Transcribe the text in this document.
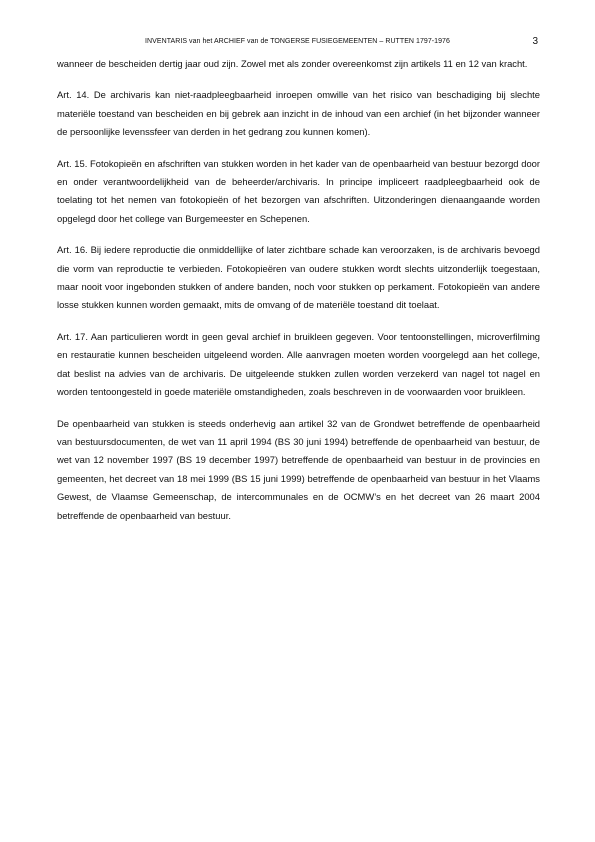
INVENTARIS van het ARCHIEF van de TONGERSE FUSIEGEMEENTEN – RUTTEN 1797-1976	3

wanneer de bescheiden dertig jaar oud zijn. Zowel met als zonder overeenkomst zijn artikels 11 en 12 van kracht.

Art. 14. De archivaris kan niet-raadpleegbaarheid inroepen omwille van het risico van beschadiging bij slechte materiële toestand van bescheiden en bij gebrek aan inzicht in de inhoud van een archief (in het bijzonder wanneer de persoonlijke levenssfeer van derden in het gedrang zou kunnen komen).

Art. 15. Fotokopieën en afschriften van stukken worden in het kader van de openbaarheid van bestuur bezorgd door en onder verantwoordelijkheid van de beheerder/archivaris. In principe impliceert raadpleegbaarheid ook de toelating tot het nemen van fotokopieën of het bezorgen van afschriften. Uitzonderingen dienaangaande worden opgelegd door het college van Burgemeester en Schepenen.

Art. 16. Bij iedere reproductie die onmiddellijke of later zichtbare schade kan veroorzaken, is de archivaris bevoegd die vorm van reproductie te verbieden. Fotokopieëren van oudere stukken wordt slechts uitzonderlijk toegestaan, maar nooit voor ingebonden stukken of andere banden, noch voor stukken op perkament. Fotokopieën van andere losse stukken kunnen worden gemaakt, mits de omvang of de materiële toestand dit toelaat.

Art. 17. Aan particulieren wordt in geen geval archief in bruikleen gegeven. Voor tentoonstellingen, microverfilming en restauratie kunnen bescheiden uitgeleend worden. Alle aanvragen moeten worden voorgelegd aan het college, dat beslist na advies van de archivaris. De uitgeleende stukken zullen worden verzekerd van nagel tot nagel en worden tentoongesteld in goede materiële omstandigheden, zoals beschreven in de voorwaarden voor bruikleen.

De openbaarheid van stukken is steeds onderhevig aan artikel 32 van de Grondwet betreffende de openbaarheid van bestuursdocumenten, de wet van 11 april 1994 (BS 30 juni 1994) betreffende de openbaarheid van bestuur, de wet van 12 november 1997 (BS 19 december 1997) betreffende de openbaarheid van bestuur in de provincies en gemeenten, het decreet van 18 mei 1999 (BS 15 juni 1999) betreffende de openbaarheid van bestuur in het Vlaams Gewest, de Vlaamse Gemeenschap, de intercommunales en de OCMW’s en het decreet van 26 maart 2004 betreffende de openbaarheid van bestuur.
